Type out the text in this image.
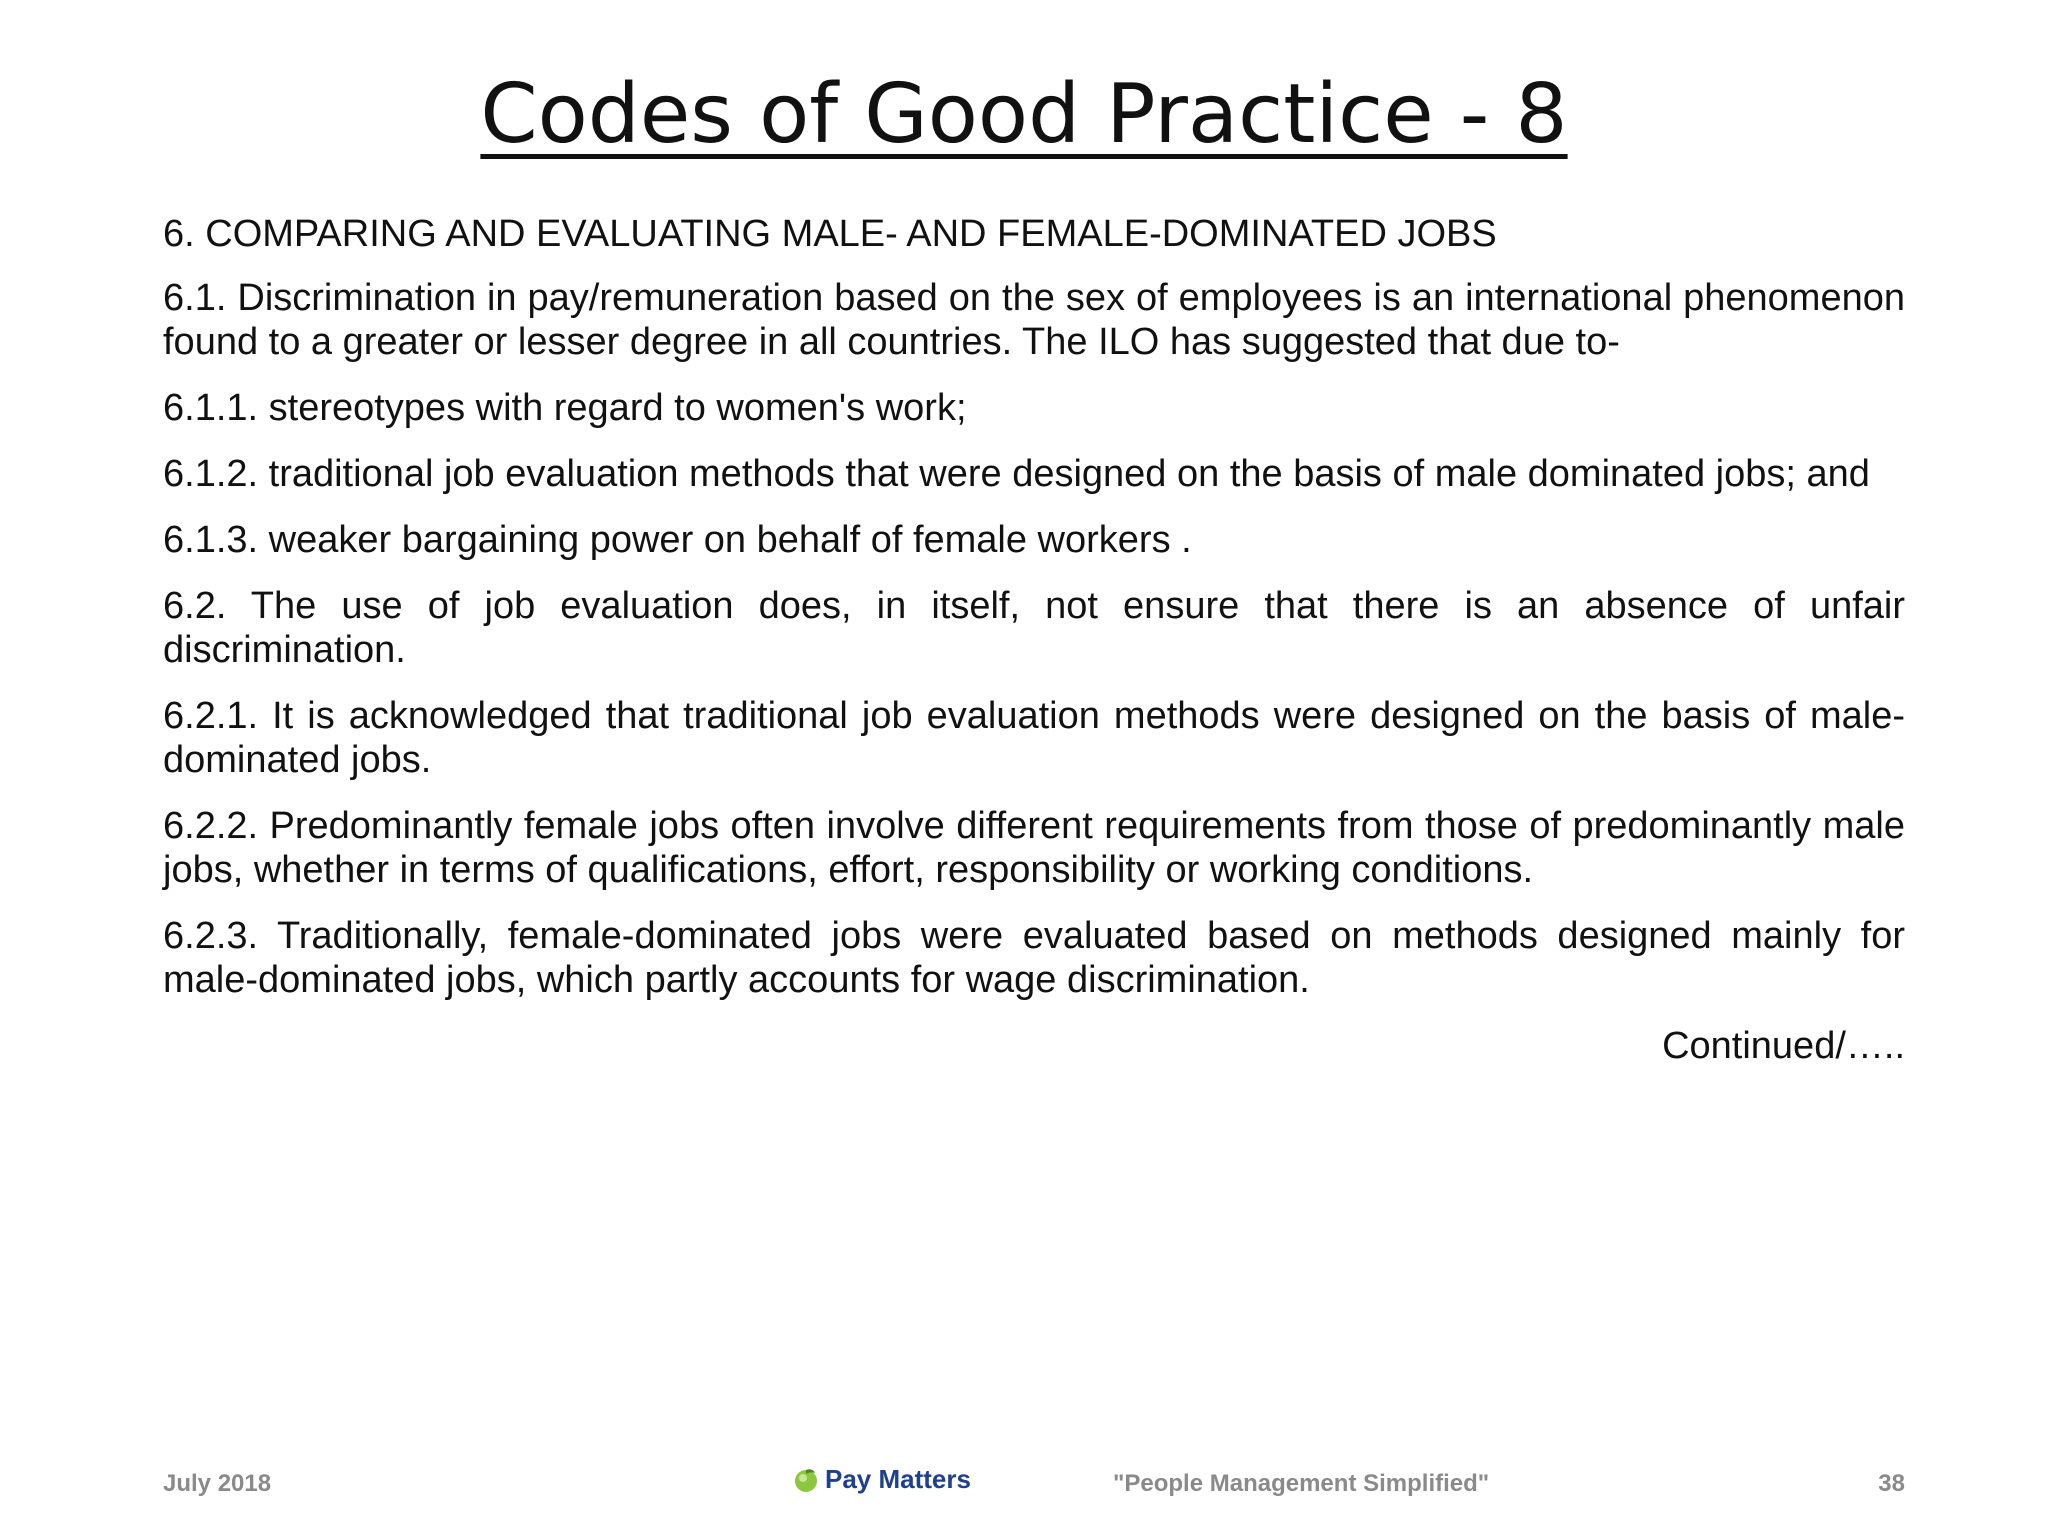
Codes of Good Practice - 8

6. COMPARING AND EVALUATING MALE- AND FEMALE-DOMINATED JOBS

6.1. Discrimination in pay/remuneration based on the sex of employees is an international phenomenon found to a greater or lesser degree in all countries. The ILO has suggested that due to-

6.1.1. stereotypes with regard to women's work;

6.1.2. traditional job evaluation methods that were designed on the basis of male dominated jobs; and

6.1.3. weaker bargaining power on behalf of female workers .

6.2. The use of job evaluation does, in itself, not ensure that there is an absence of unfair discrimination.

6.2.1. It is acknowledged that traditional job evaluation methods were designed on the basis of male-dominated jobs.

6.2.2. Predominantly female jobs often involve different requirements from those of predominantly male jobs, whether in terms of qualifications, effort, responsibility or working conditions.

6.2.3. Traditionally, female-dominated jobs were evaluated based on methods designed mainly for male-dominated jobs, which partly accounts for wage discrimination.

Continued/…..
July 2018	Pay Matters	"People Management Simplified"	38
